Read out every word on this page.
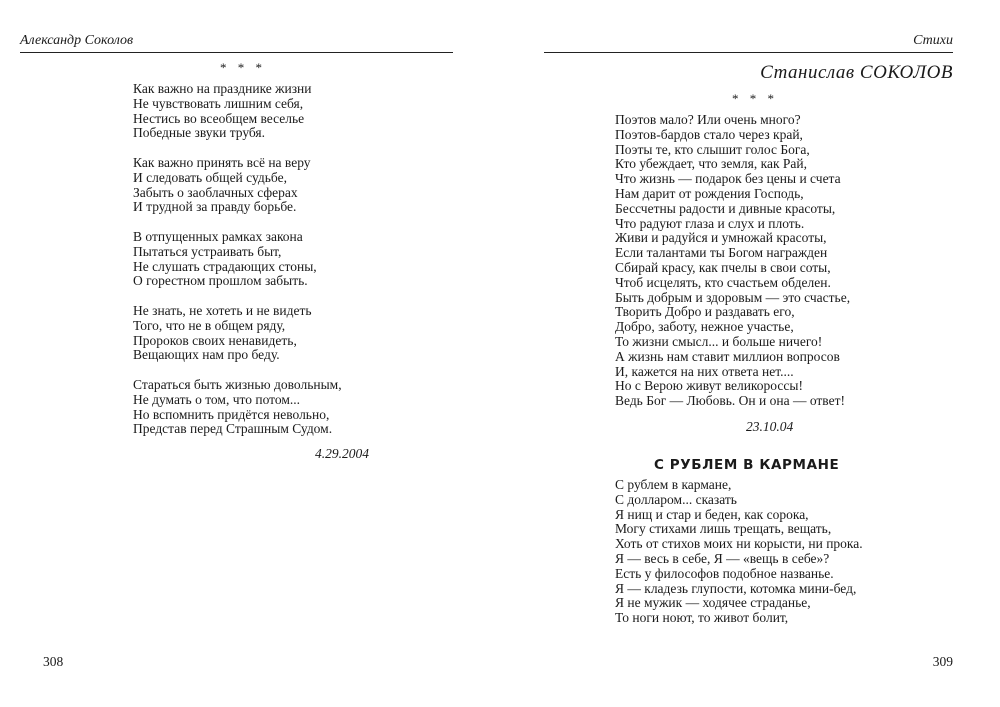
Александр Соколов
* * *
Как важно на празднике жизни
Не чувствовать лишним себя,
Нестись во всеобщем веселье
Победные звуки трубя.
Как важно принять всё на веру
И следовать общей судьбе,
Забыть о заоблачных сферах
И трудной за правду борьбе.
В отпущенных рамках закона
Пытаться устраивать быт,
Не слушать страдающих стоны,
О горестном прошлом забыть.
Не знать, не хотеть и не видеть
Того, что не в общем ряду,
Пророков своих ненавидеть,
Вещающих нам про беду.
Стараться быть жизнью довольным,
Не думать о том, что потом...
Но вспомнить придётся невольно,
Представ перед Страшным Судом.
4.29.2004
308
Стихи
Станислав СОКОЛОВ
* * *
Поэтов мало? Или очень много?
Поэтов-бардов стало через край,
Поэты те, кто слышит голос Бога,
Кто убеждает, что земля, как Рай,
Что жизнь — подарок без цены и счета
Нам дарит от рождения Господь,
Бессчетны радости и дивные красоты,
Что радуют глаза и слух и плоть.
Живи и радуйся и умножай красоты,
Если талантами ты Богом награжден
Сбирай красу, как пчелы в свои соты,
Чтоб исцелять, кто счастьем обделен.
Быть добрым и здоровым — это счастье,
Творить Добро и раздавать его,
Добро, заботу, нежное участье,
То жизни смысл... и больше ничего!
А жизнь нам ставит миллион вопросов
И, кажется на них ответа нет....
Но с Верою живут великороссы!
Ведь Бог — Любовь. Он и она — ответ!
23.10.04
С РУБЛЕМ В КАРМАНЕ
С рублем в кармане,
С долларом... сказать
Я нищ и стар и беден, как сорока,
Могу стихами лишь трещать, вещать,
Хоть от стихов моих ни корысти, ни прока.
Я — весь в себе, Я — «вещь в себе»?
Есть у философов подобное названье.
Я — кладезь глупости, котомка мини-бед,
Я не мужик — ходячее страданье,
То ноги ноют, то живот болит,
309
